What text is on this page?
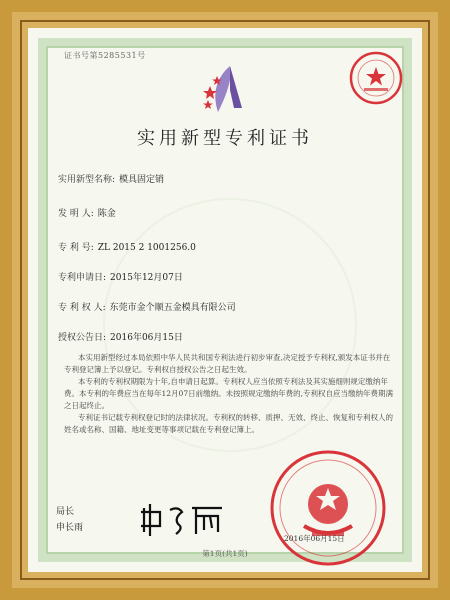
证书号第5285531号
实用新型专利证书
实用新型名称: 模具固定销
发 明 人: 陈金
专 利 号: ZL 2015 2 1001256.0
专利申请日: 2015年12月07日
专 利 权 人: 东莞市金个顺五金模具有限公司
授权公告日: 2016年06月15日

本实用新型经过本局依照中华人民共和国专利法进行初步审查,决定授予专利权,颁发本证书并在专利登记簿上予以登记。专利权自授权公告之日起生效。

本专利的专利权期限为十年,自申请日起算。专利权人应当依照专利法及其实施细则规定缴纳年费。本专利的年费应当在每年12月07日前缴纳。未按照规定缴纳年费的,专利权自应当缴纳年费期满之日起终止。

专利证书记载专利权登记时的法律状况。专利权的转移、质押、无效、终止、恢复和专利权人的姓名或名称、国籍、地址变更等事项记载在专利登记簿上。

局长
申长雨
2016年06月15日
第1页(共1页)
